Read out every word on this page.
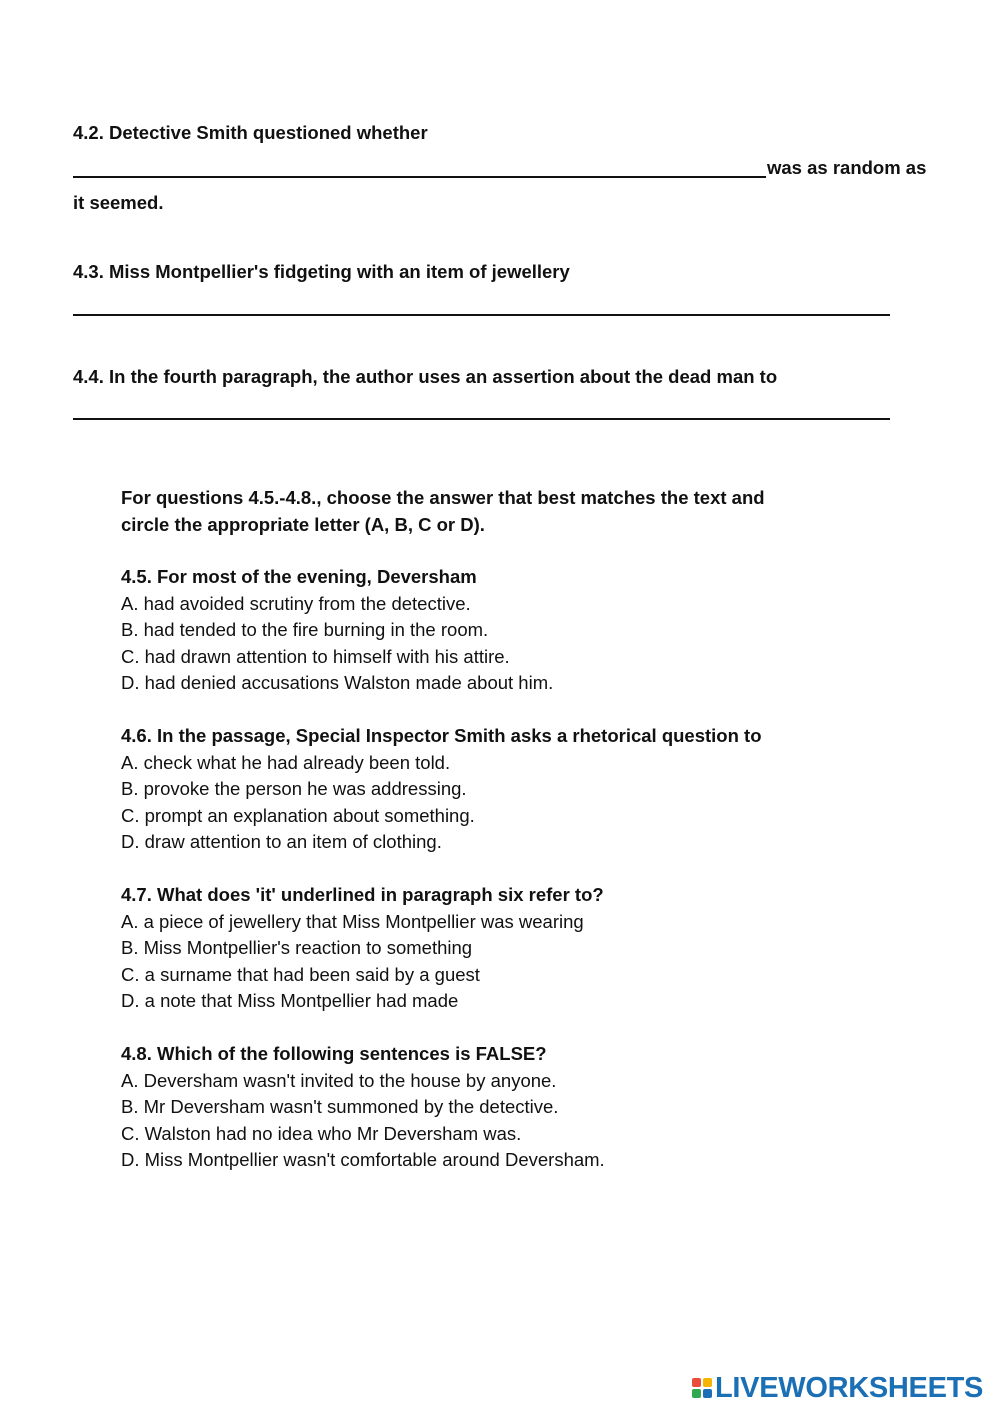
4.2. Detective Smith questioned whether
was as random as
it seemed.
4.3. Miss Montpellier's fidgeting with an item of jewellery
4.4. In the fourth paragraph, the author uses an assertion about the dead man to
For questions 4.5.-4.8., choose the answer that best matches the text and
circle the appropriate letter (A, B, C or D).
4.5. For most of the evening, Deversham
A. had avoided scrutiny from the detective.
B. had tended to the fire burning in the room.
C. had drawn attention to himself with his attire.
D. had denied accusations Walston made about him.
4.6. In the passage, Special Inspector Smith asks a rhetorical question to
A. check what he had already been told.
B. provoke the person he was addressing.
C. prompt an explanation about something.
D. draw attention to an item of clothing.
4.7. What does 'it' underlined in paragraph six refer to?
A. a piece of jewellery that Miss Montpellier was wearing
B. Miss Montpellier's reaction to something
C. a surname that had been said by a guest
D. a note that Miss Montpellier had made
4.8. Which of the following sentences is FALSE?
A. Deversham wasn't invited to the house by anyone.
B. Mr Deversham wasn't summoned by the detective.
C. Walston had no idea who Mr Deversham was.
D. Miss Montpellier wasn't comfortable around Deversham.
LIVEWORKSHEETS
